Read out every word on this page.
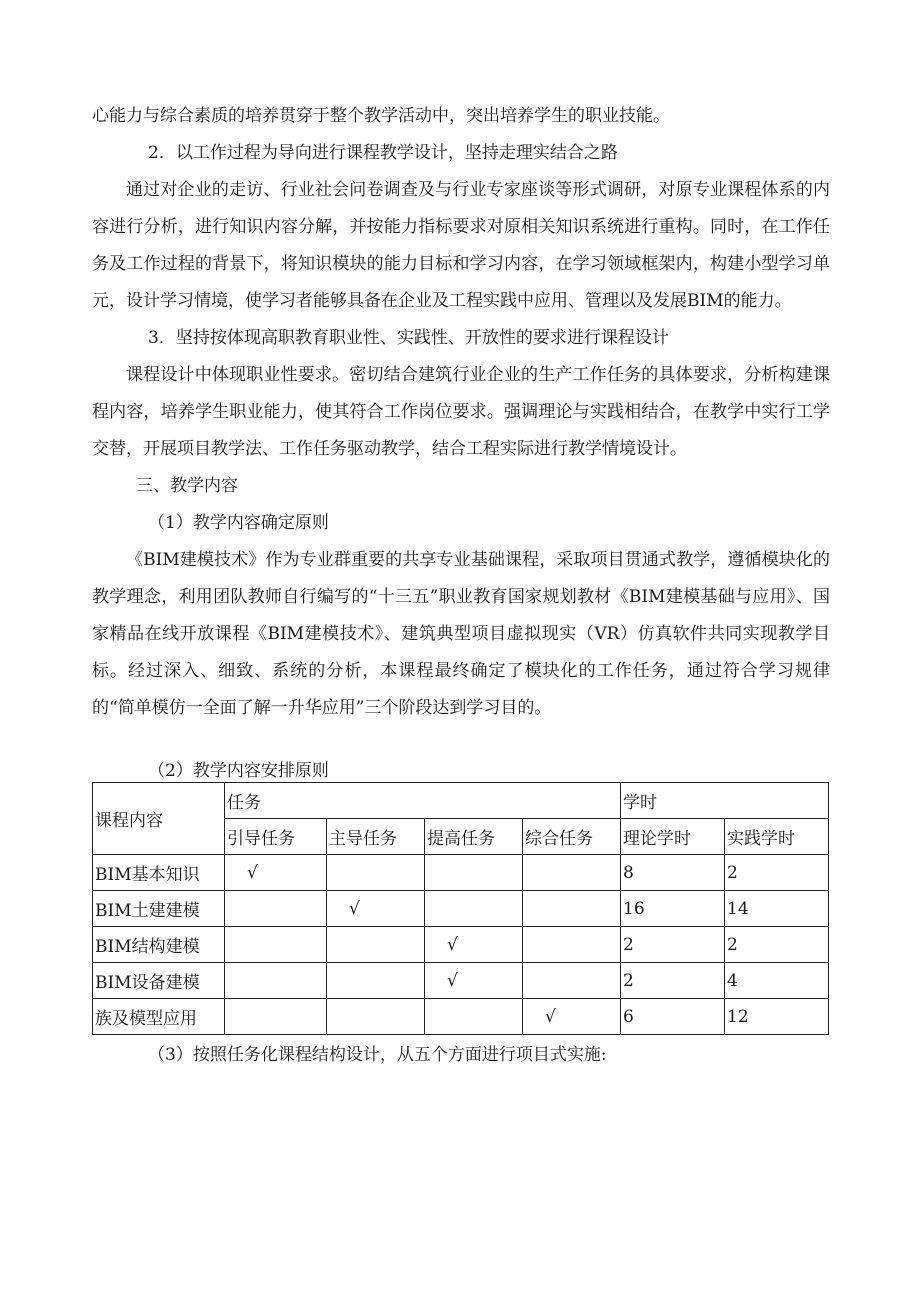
心能力与综合素质的培养贯穿于整个教学活动中，突出培养学生的职业技能。

2．以工作过程为导向进行课程教学设计，坚持走理实结合之路

通过对企业的走访、行业社会问卷调查及与行业专家座谈等形式调研，对原专业课程体系的内容进行分析，进行知识内容分解，并按能力指标要求对原相关知识系统进行重构。同时，在工作任务及工作过程的背景下，将知识模块的能力目标和学习内容，在学习领域框架内，构建小型学习单元，设计学习情境，使学习者能够具备在企业及工程实践中应用、管理以及发展BIM的能力。

3．坚持按体现高职教育职业性、实践性、开放性的要求进行课程设计

课程设计中体现职业性要求。密切结合建筑行业企业的生产工作任务的具体要求，分析构建课程内容，培养学生职业能力，使其符合工作岗位要求。强调理论与实践相结合，在教学中实行工学交替，开展项目教学法、工作任务驱动教学，结合工程实际进行教学情境设计。

三、教学内容

（1）教学内容确定原则

《BIM建模技术》作为专业群重要的共享专业基础课程，采取项目贯通式教学，遵循模块化的教学理念，利用团队教师自行编写的“十三五”职业教育国家规划教材《BIM建模基础与应用》、国家精品在线开放课程《BIM建模技术》、建筑典型项目虚拟现实（VR）仿真软件共同实现教学目标。经过深入、细致、系统的分析，本课程最终确定了模块化的工作任务，通过符合学习规律的“简单模仿一全面了解一升华应用”三个阶段达到学习目的。

（2）教学内容安排原则
课程内容	任务				学时	
	引导任务	主导任务	提高任务	综合任务	理论学时	实践学时
BIM基本知识	√				8	2
BIM土建建模		√			16	14
BIM结构建模			√		2	2
BIM设备建模			√		2	4
族及模型应用				√	6	12
（3）按照任务化课程结构设计，从五个方面进行项目式实施:
